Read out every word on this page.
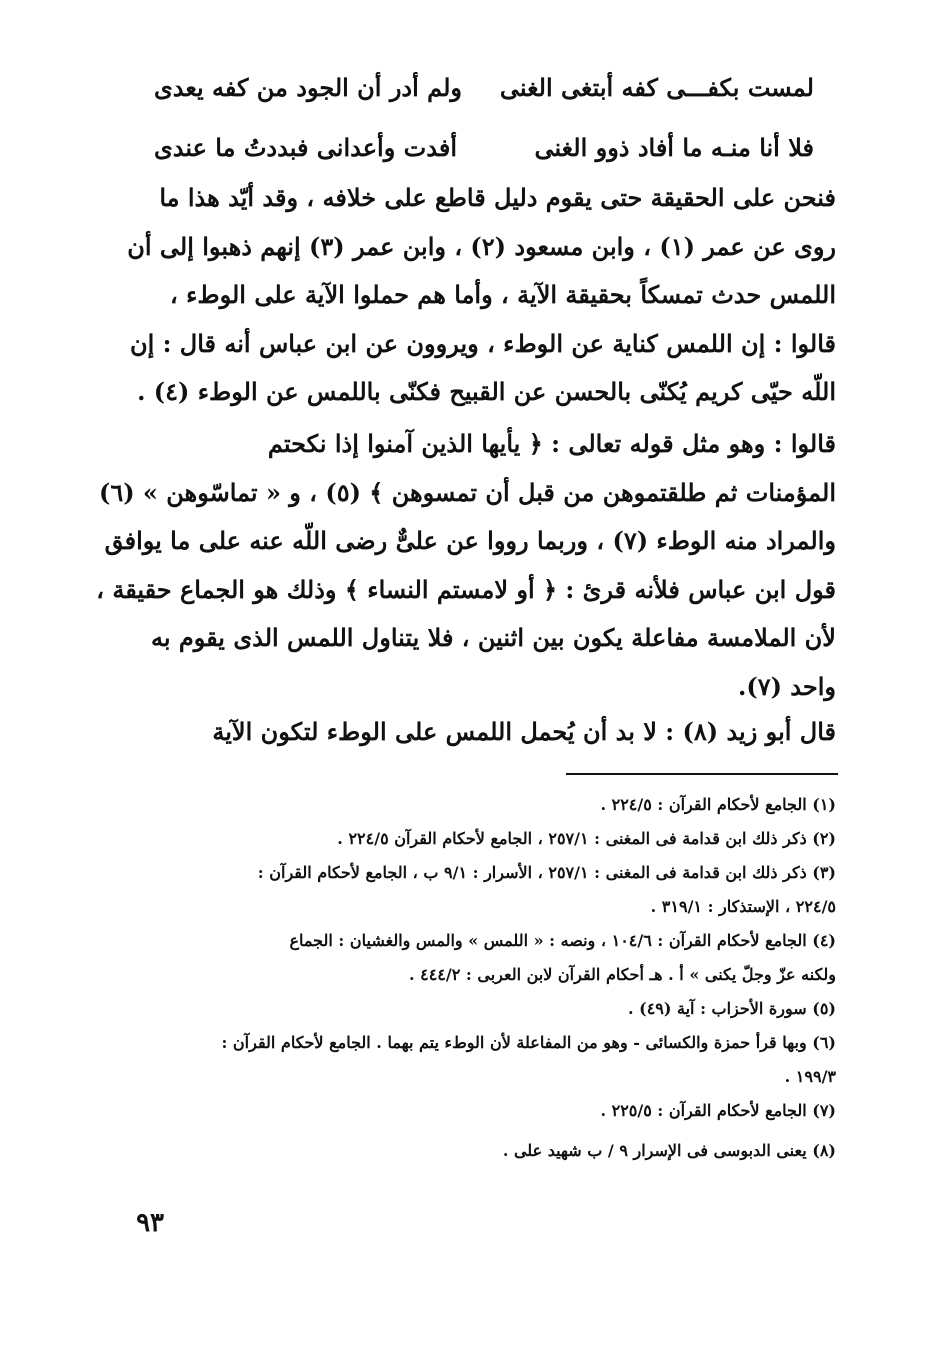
لمست بكفـــى كفه أبتغى الغنى
ولم أدر أن الجود من كفه يعدى
فلا أنا منـه ما أفاد ذوو الغنى
أفدت وأعدانى فبددتُ ما عندى
فنحن على الحقيقة حتى يقوم دليل قاطع على خلافه ، وقد أيّد هذا ما
روى عن عمر (١) ، وابن مسعود (٢) ، وابن عمر (٣) إنهم ذهبوا إلى أن
اللمس حدث تمسكاً بحقيقة الآية ، وأما هم حملوا الآية على الوطء ،
قالوا : إن اللمس كناية عن الوطء ، ويروون عن ابن عباس أنه قال : إن
اللّه حيّى كريم يُكنّى بالحسن عن القبيح فكنّى باللمس عن الوطء (٤) .
قالوا : وهو مثل قوله تعالى : ﴿ يأيها الذين آمنوا إذا نكحتم
المؤمنات ثم طلقتموهن من قبل أن تمسوهن ﴾ (٥) ، و « تماسّوهن » (٦)
والمراد منه الوطء (٧) ، وربما رووا عن علىٌّ رضى اللّه عنه على ما يوافق
قول ابن عباس فلأنه قرئ : ﴿ أو لامستم النساء ﴾ وذلك هو الجماع حقيقة ،
لأن الملامسة مفاعلة يكون بين اثنين ، فلا يتناول اللمس الذى يقوم به
واحد (٧).
قال أبو زيد (٨) : لا بد أن يُحمل اللمس على الوطء لتكون الآية
(١) الجامع لأحكام القرآن : ٢٢٤/٥ .
(٢) ذكر ذلك ابن قدامة فى المغنى : ٢٥٧/١ ، الجامع لأحكام القرآن ٢٢٤/٥ .
(٣) ذكر ذلك ابن قدامة فى المغنى : ٢٥٧/١ ، الأسرار : ٩/١ ب ، الجامع لأحكام القرآن :
٢٢٤/٥ ، الإستذكار : ٣١٩/١ .
(٤) الجامع لأحكام القرآن : ١٠٤/٦ ، ونصه : « اللمس » والمس والغشيان : الجماع
ولكنه عزّ وجلّ يكنى » أ . هـ أحكام القرآن لابن العربى : ٤٤٤/٢ .
(٥) سورة الأحزاب : آية (٤٩) .
(٦) وبها قرأ حمزة والكسائى - وهو من المفاعلة لأن الوطء يتم بهما . الجامع لأحكام القرآن :
١٩٩/٣ .
(٧) الجامع لأحكام القرآن : ٢٢٥/٥ .
(٨) يعنى الدبوسى فى الإسرار ٩ / ب شهيد على .
٩٣
